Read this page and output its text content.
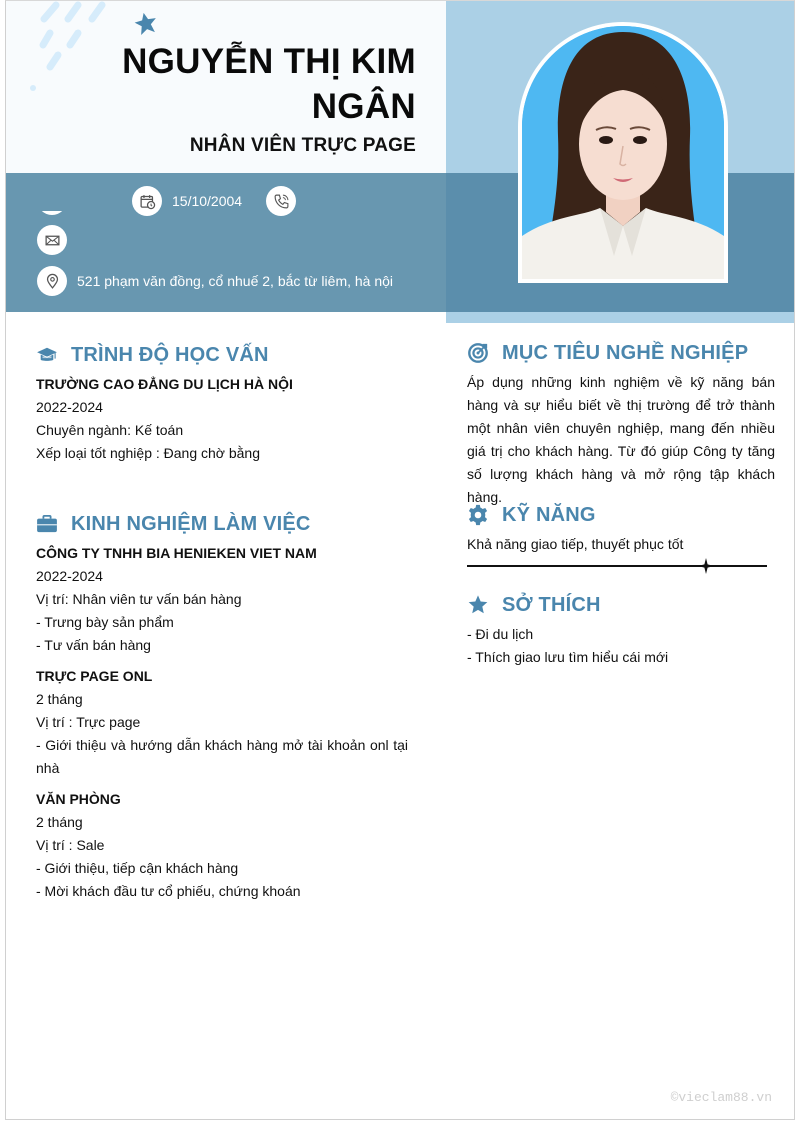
NGUYỄN THỊ KIM
NGÂN
NHÂN VIÊN TRỰC PAGE
15/10/2004
521 phạm văn đồng, cổ nhuế 2, bắc từ liêm, hà nội
TRÌNH ĐỘ HỌC VẤN
TRƯỜNG CAO ĐẲNG DU LỊCH HÀ NỘI
2022-2024
Chuyên ngành: Kế toán
Xếp loại tốt nghiệp : Đang chờ bằng
KINH NGHIỆM LÀM VIỆC
CÔNG TY TNHH BIA HENIEKEN VIET NAM
2022-2024
Vị trí: Nhân viên tư vấn bán hàng
- Trưng bày sản phẩm
- Tư vấn bán hàng
TRỰC PAGE ONL
2 tháng
Vị trí : Trực page
- Giới thiệu và hướng dẫn khách hàng mở tài khoản onl tại nhà
VĂN PHÒNG
2 tháng
Vị trí : Sale
- Giới thiệu, tiếp cận khách hàng
- Mời khách đầu tư cổ phiếu, chứng khoán
MỤC TIÊU NGHỀ NGHIỆP
Áp dụng những kinh nghiệm về kỹ năng bán hàng và sự hiểu biết về thị trường để trở thành một nhân viên chuyên nghiệp, mang đến nhiều giá trị cho khách hàng. Từ đó giúp Công ty tăng số lượng khách hàng và mở rộng tập khách hàng.
KỸ NĂNG
Khả năng giao tiếp, thuyết phục tốt
SỞ THÍCH
- Đi du lịch
- Thích giao lưu tìm hiểu cái mới
©vieclam88.vn
